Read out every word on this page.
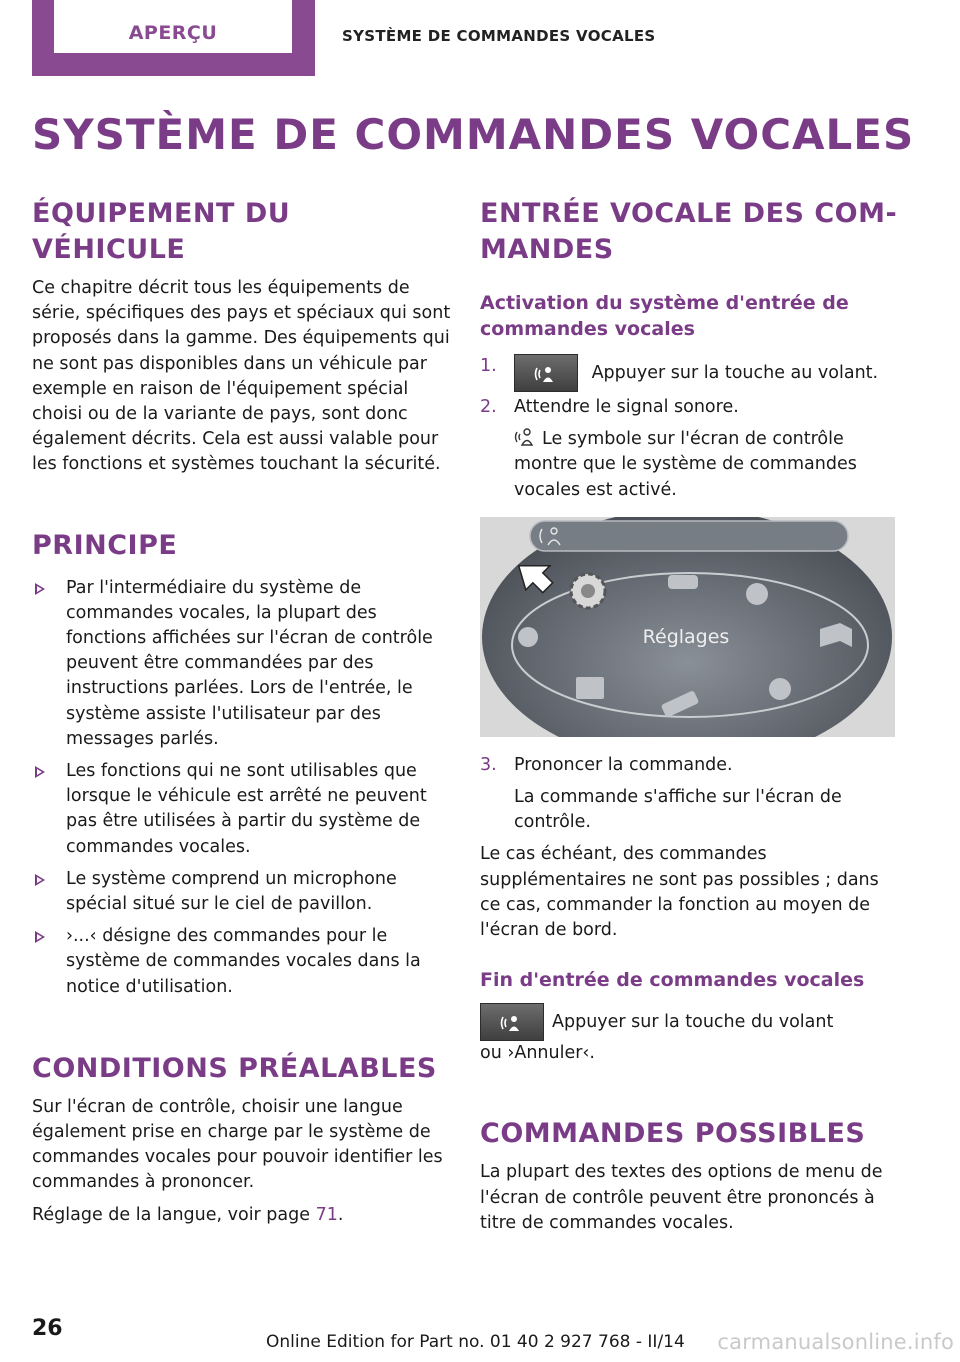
APERÇU	SYSTÈME DE COMMANDES VOCALES
SYSTÈME DE COMMANDES VOCALES
ÉQUIPEMENT DU VÉHICULE

Ce chapitre décrit tous les équipements de série, spécifiques des pays et spéciaux qui sont proposés dans la gamme. Des équipements qui ne sont pas disponibles dans un véhicule par exemple en raison de l'équipement spécial choisi ou de la variante de pays, sont donc également décrits. Cela est aussi valable pour les fonctions et systèmes touchant la sécurité.

PRINCIPE
Par l'intermédiaire du système de commandes vocales, la plupart des fonctions affichées sur l'écran de contrôle peuvent être commandées par des instructions parlées. Lors de l'entrée, le système assiste l'utilisateur par des messages parlés.
Les fonctions qui ne sont utilisables que lorsque le véhicule est arrêté ne peuvent pas être utilisées à partir du système de commandes vocales.
Le système comprend un microphone spécial situé sur le ciel de pavillon.
›...‹ désigne des commandes pour le système de commandes vocales dans la notice d'utilisation.
CONDITIONS PRÉALABLES

Sur l'écran de contrôle, choisir une langue également prise en charge par le système de commandes vocales pour pouvoir identifier les commandes à prononcer.

Réglage de la langue, voir page 71.

ENTRÉE VOCALE DES COM-
MANDES
Activation du système d'entrée de commandes vocales
1.	Appuyer sur la touche au volant.
2. Attendre le signal sonore.
Le symbole sur l'écran de contrôle montre que le système de commandes vocales est activé.
Réglages
3. Prononcer la commande.
La commande s'affiche sur l'écran de contrôle.

Le cas échéant, des commandes supplémentaires ne sont pas possibles ; dans ce cas, commander la fonction au moyen de l'écran de bord.

Fin d'entrée de commandes vocales

Appuyer sur la touche du volant
ou ›Annuler‹.

COMMANDES POSSIBLES

La plupart des textes des options de menu de l'écran de contrôle peuvent être prononcés à titre de commandes vocales.

26
Online Edition for Part no. 01 40 2 927 768 - II/14 carmanualsonline.info
